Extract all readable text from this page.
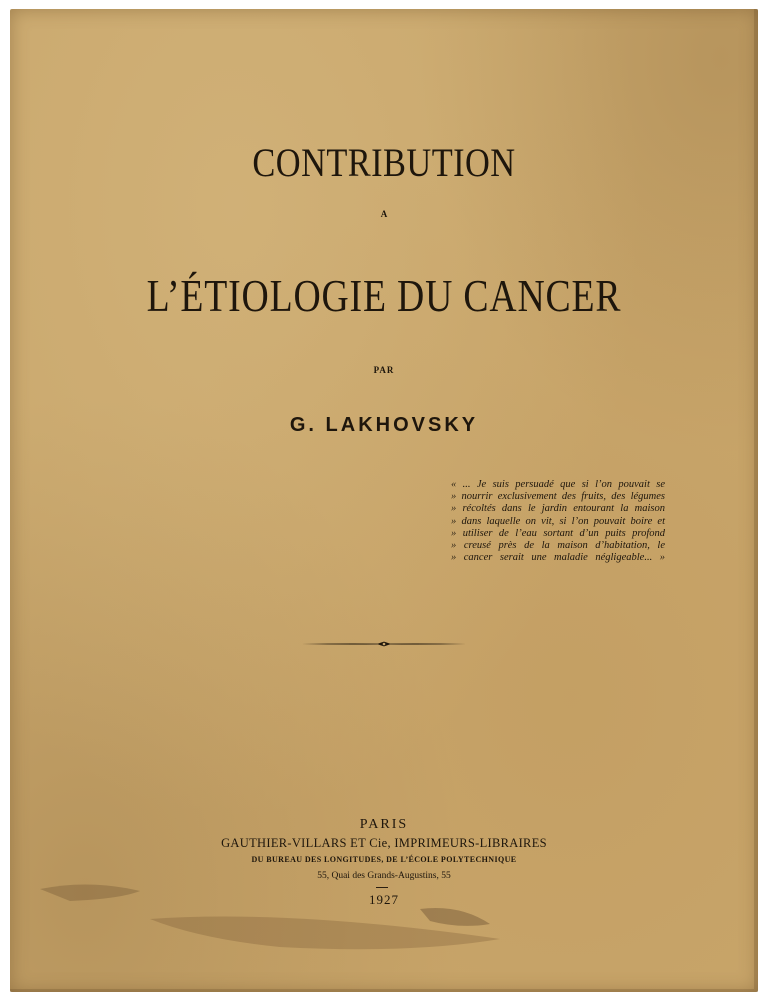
CONTRIBUTION
A
L’ÉTIOLOGIE DU CANCER
PAR
G. LAKHOVSKY
« ... Je suis persuadé que si l’on pouvait se
» nourrir exclusivement des fruits, des légumes
» récoltés dans le jardin entourant la maison
» dans laquelle on vit, si l’on pouvait boire et
» utiliser de l’eau sortant d’un puits profond
» creusé près de la maison d’habitation, le
» cancer serait une maladie négligeable... »
PARIS
GAUTHIER-VILLARS ET Cie, IMPRIMEURS-LIBRAIRES
DU BUREAU DES LONGITUDES, DE L’ÉCOLE POLYTECHNIQUE
55, Quai des Grands-Augustins, 55
1927
